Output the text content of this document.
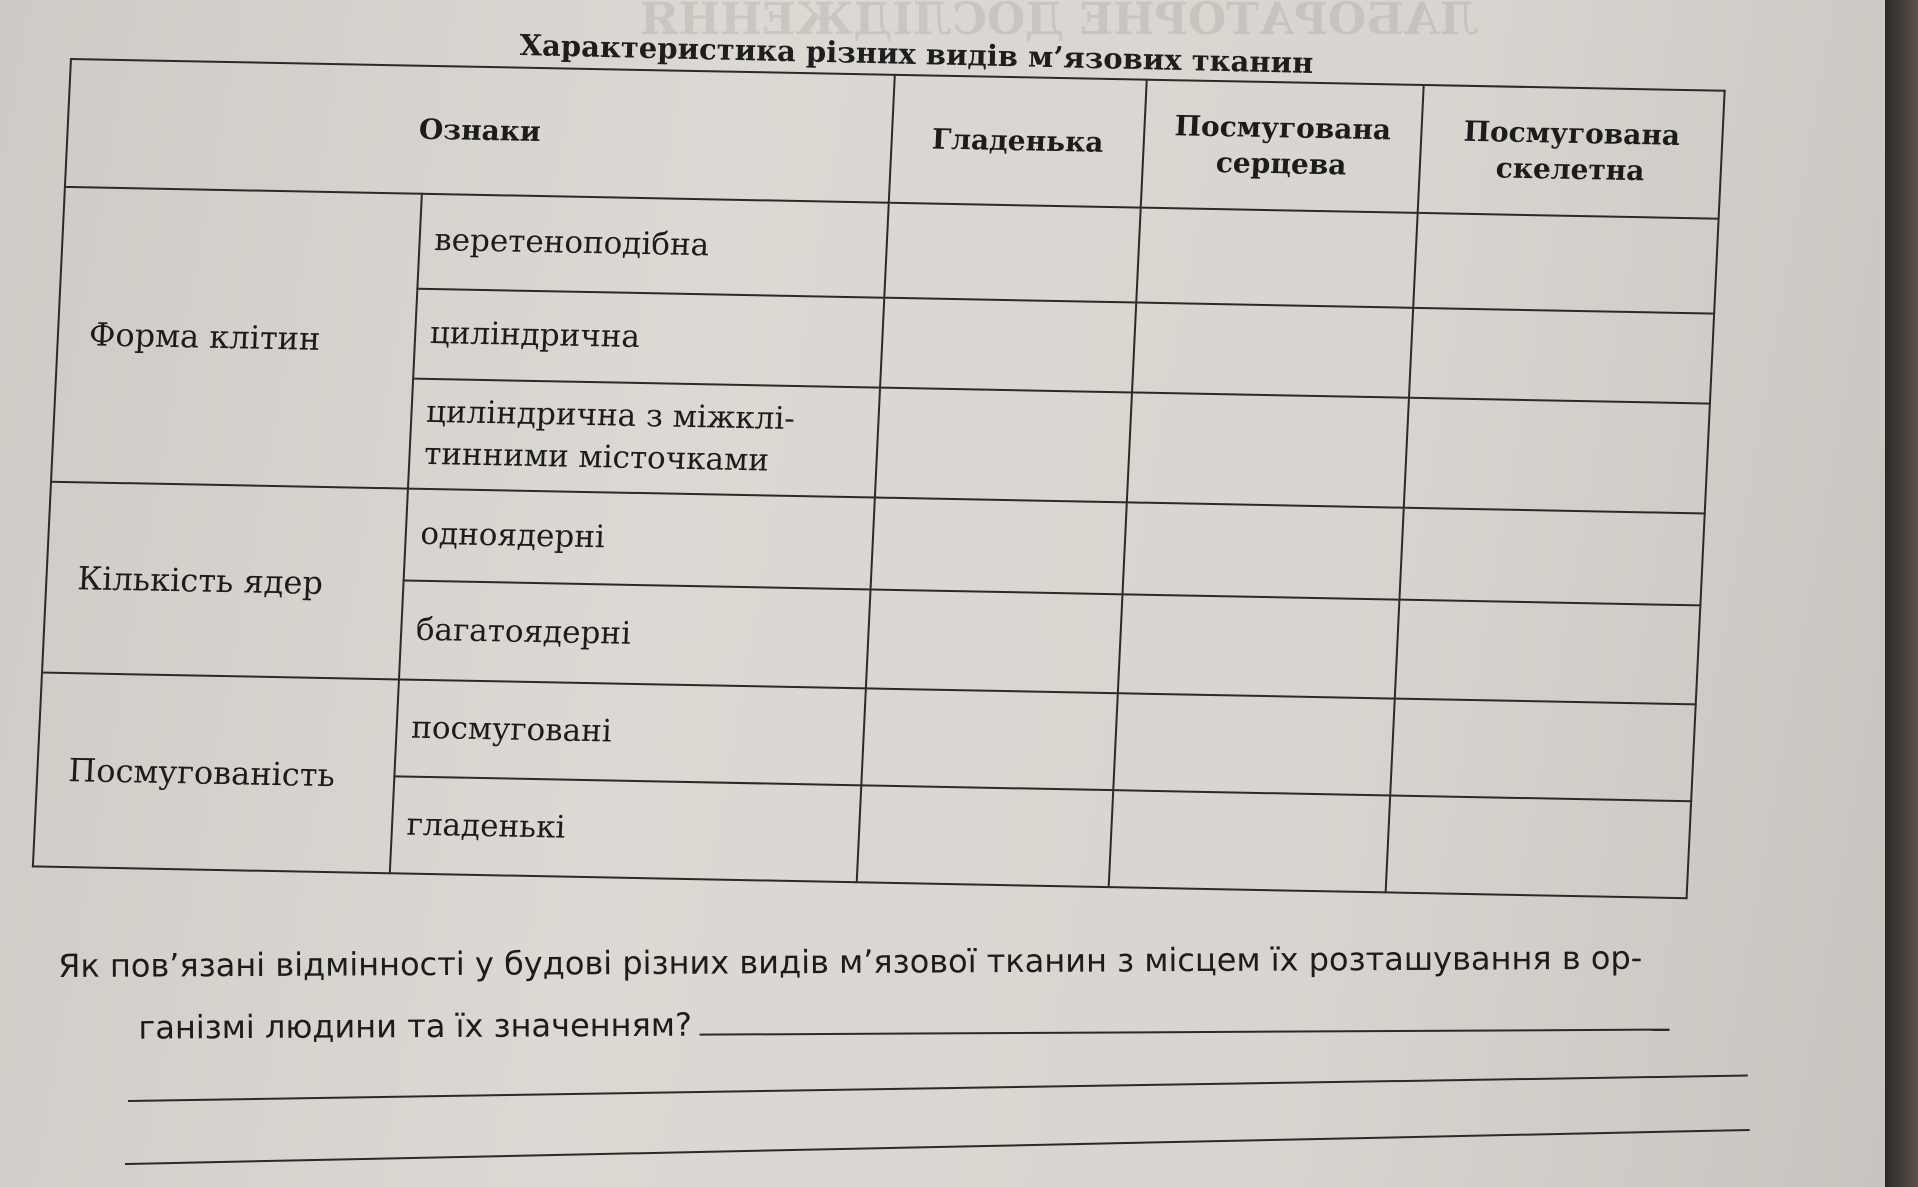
ЛАБОРАТОРНЕ ДОСЛІДЖЕННЯ
Характеристика різних видів м’язових тканин
Ознаки		Гладенька	Посмугована серцева	Посмугована скелетна
Форма клітин	веретеноподібна			
	циліндрична			
	циліндрична з міжклі-тинними місточками			
Кількість ядер	одноядерні			
	багатоядерні			
Посмугованість	посмуговані			
	гладенькі			
Як пов’язані відмінності у будові різних видів м’язової тканин з місцем їх розташування в ор-
ганізмі людини та їх значенням?
